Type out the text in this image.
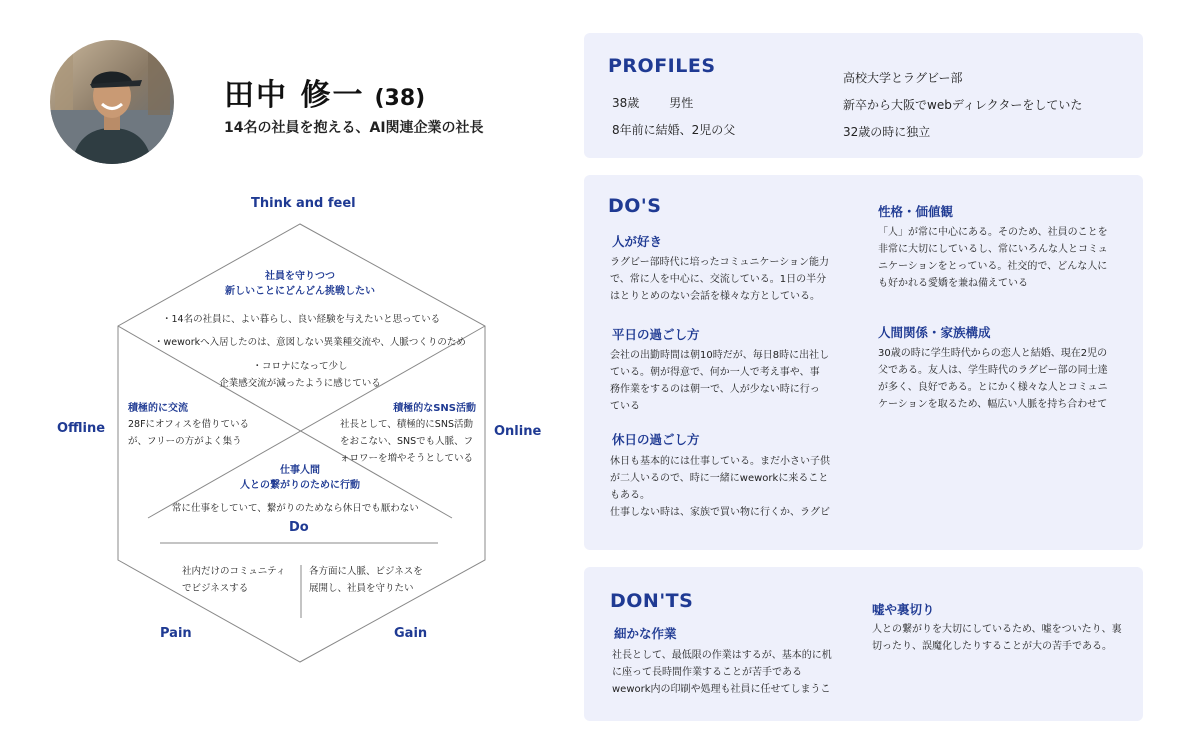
田中 修一 (38)
14名の社員を抱える、AI関連企業の社長
Think and feel
Offline	Online
Do
Pain	Gain
社員を守りつつ
新しいことにどんどん挑戦したい
・14名の社員に、よい暮らし、良い経験を与えたいと思っている
・weworkへ入居したのは、意図しない異業種交流や、人脈つくりのため
・コロナになって少し
企業感交流が減ったように感じている
積極的に交流
28Fにオフィスを借りている
が、フリーの方がよく集う
積極的なSNS活動
社長として、積極的にSNS活動
をおこない、SNSでも人脈、フ
ォロワーを増やそうとしている
仕事人間
人との繋がりのために行動
常に仕事をしていて、繋がりのためなら休日でも厭わない
社内だけのコミュニティ
でビジネスする
各方面に人脈、ビジネスを
展開し、社員を守りたい
PROFILES
38歳	男性
8年前に結婚、2児の父
高校大学とラグビー部
新卒から大阪でwebディレクターをしていた
32歳の時に独立
DO'S
人が好き
ラグビー部時代に培ったコミュニケーション能力
で、常に人を中心に、交流している。1日の半分
はとりとめのない会話を様々な方としている。
平日の過ごし方
会社の出勤時間は朝10時だが、毎日8時に出社し
ている。朝が得意で、何か一人で考え事や、事
務作業をするのは朝一で、人が少ない時に行っ
ている
休日の過ごし方
休日も基本的には仕事している。まだ小さい子供
が二人いるので、時に一緒にweworkに来ること
もある。
仕事しない時は、家族で買い物に行くか、ラグビ
性格・価値観
「人」が常に中心にある。そのため、社員のことを
非常に大切にしているし、常にいろんな人とコミュ
ニケーションをとっている。社交的で、どんな人に
も好かれる愛嬌を兼ね備えている
人間関係・家族構成
30歳の時に学生時代からの恋人と結婚、現在2児の
父である。友人は、学生時代のラグビー部の同士達
が多く、良好である。とにかく様々な人とコミュニ
ケーションを取るため、幅広い人脈を持ち合わせて
DON'TS
細かな作業
社長として、最低限の作業はするが、基本的に机
に座って長時間作業することが苦手である
wework内の印刷や処理も社員に任せてしまうこ
嘘や裏切り
人との繋がりを大切にしているため、嘘をついたり、裏
切ったり、誤魔化したりすることが大の苦手である。
